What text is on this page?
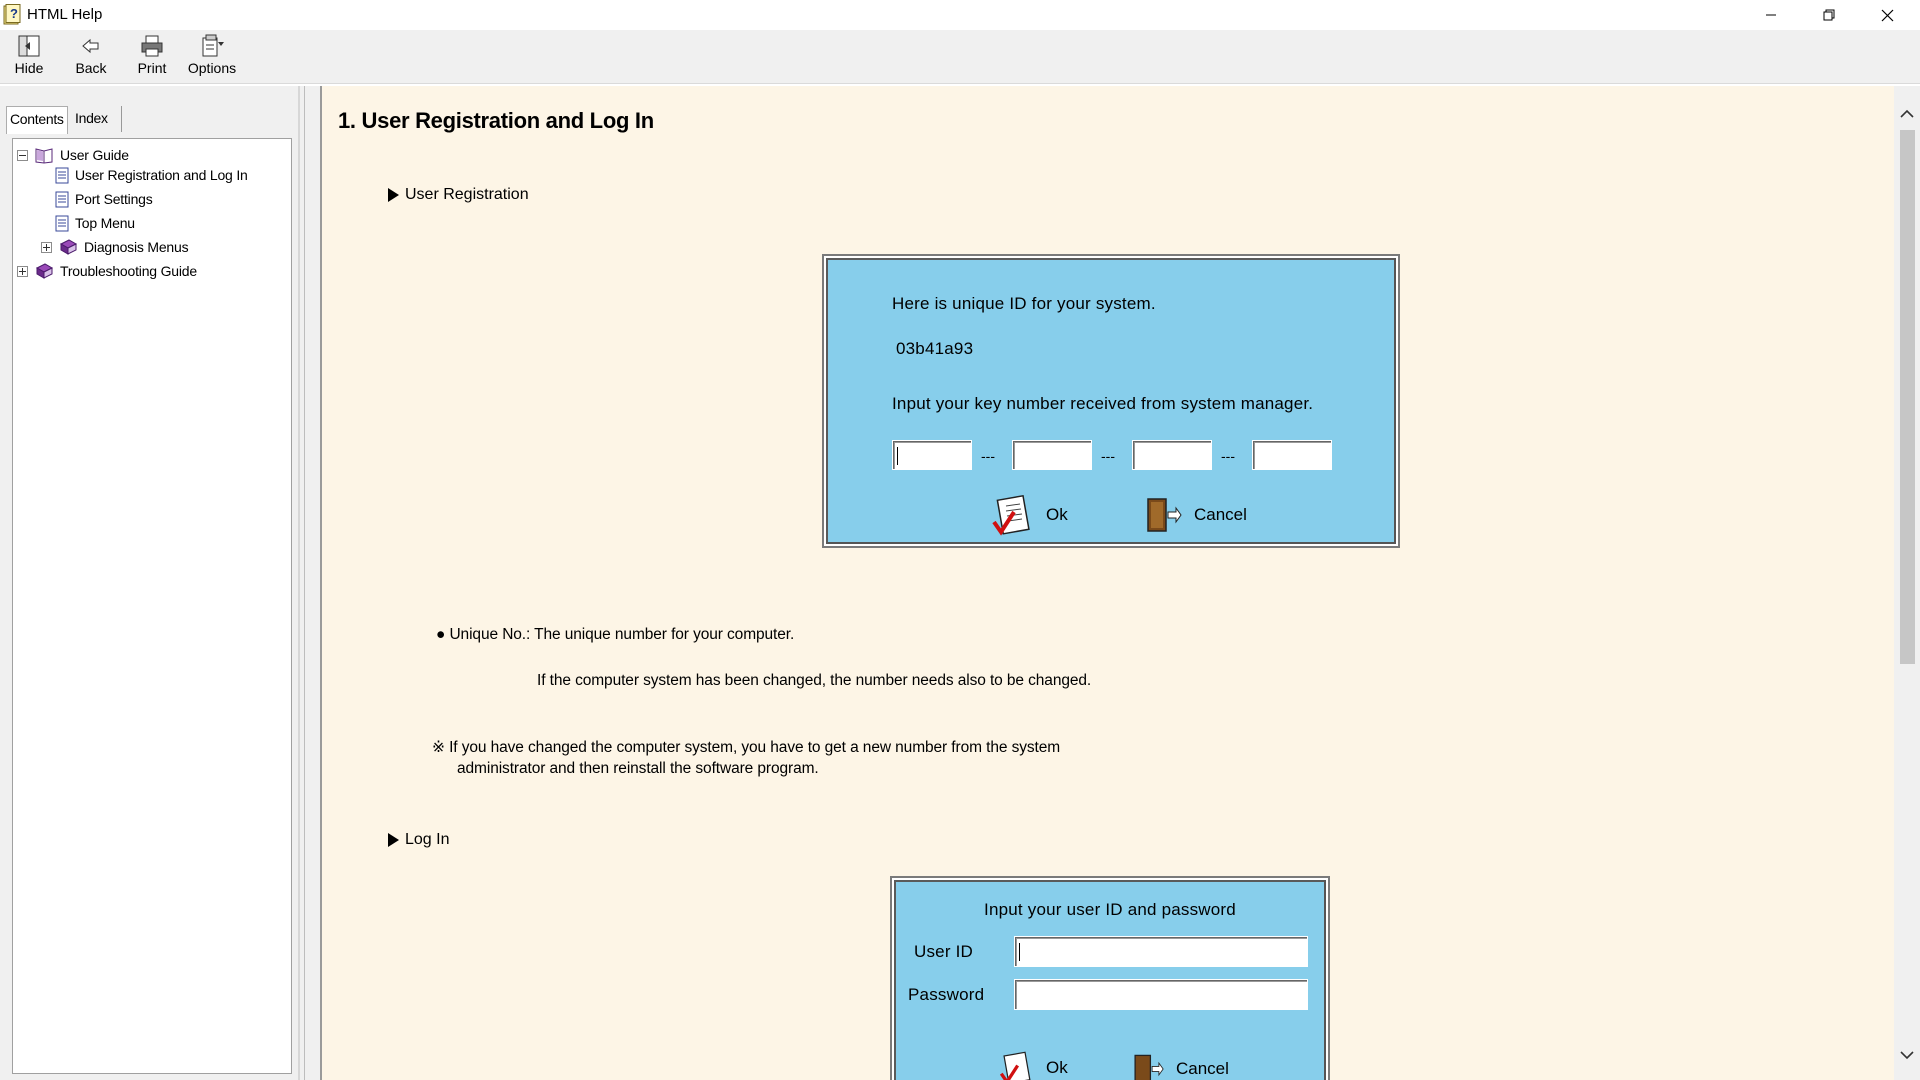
? HTML Help
Hide	Back	Print	Options
Contents Index
User Guide
User Registration and Log In
Port Settings
Top Menu
Diagnosis Menus
Troubleshooting Guide
1. User Registration and Log In
User Registration
Here is unique ID for your system.
03b41a93
Input your key number received from system manager.
---	---	---
Ok	Cancel
● Unique No.: The unique number for your computer.
If the computer system has been changed, the number needs also to be changed.
※ If you have changed the computer system, you have to get a new number from the system
administrator and then reinstall the software program.
Log In
Input your user ID and password
User ID
Password
Ok	Cancel
